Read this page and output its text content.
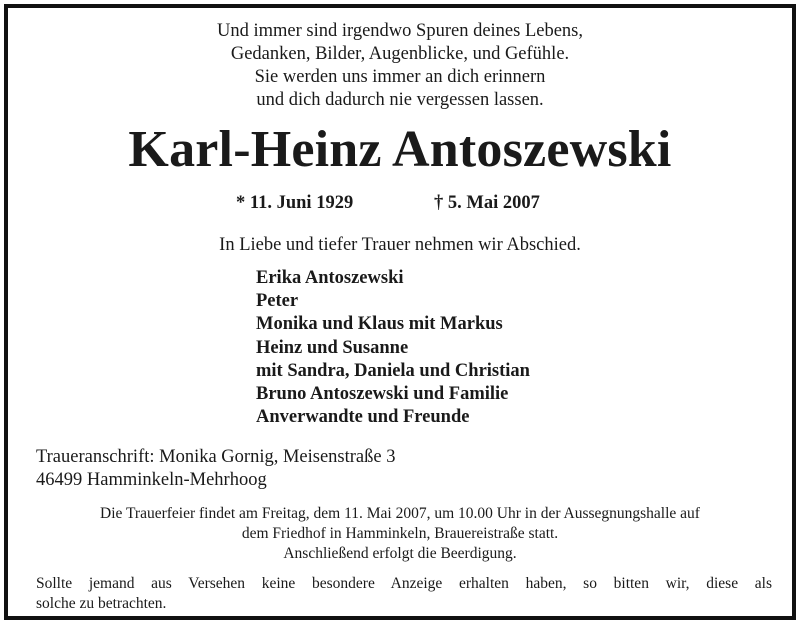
Und immer sind irgendwo Spuren deines Lebens,
Gedanken, Bilder, Augenblicke, und Gefühle.
Sie werden uns immer an dich erinnern
und dich dadurch nie vergessen lassen.
Karl-Heinz Antoszewski
* 11. Juni 1929	† 5. Mai 2007
In Liebe und tiefer Trauer nehmen wir Abschied.
Erika Antoszewski
Peter
Monika und Klaus mit Markus
Heinz und Susanne
mit Sandra, Daniela und Christian
Bruno Antoszewski und Familie
Anverwandte und Freunde
Traueranschrift: Monika Gornig, Meisenstraße 3
46499 Hamminkeln-Mehrhoog
Die Trauerfeier findet am Freitag, dem 11. Mai 2007, um 10.00 Uhr in der Aussegnungshalle auf
dem Friedhof in Hamminkeln, Brauereistraße statt.
Anschließend erfolgt die Beerdigung.
Sollte jemand aus Versehen keine besondere Anzeige erhalten haben, so bitten wir, diese als
solche zu betrachten.
